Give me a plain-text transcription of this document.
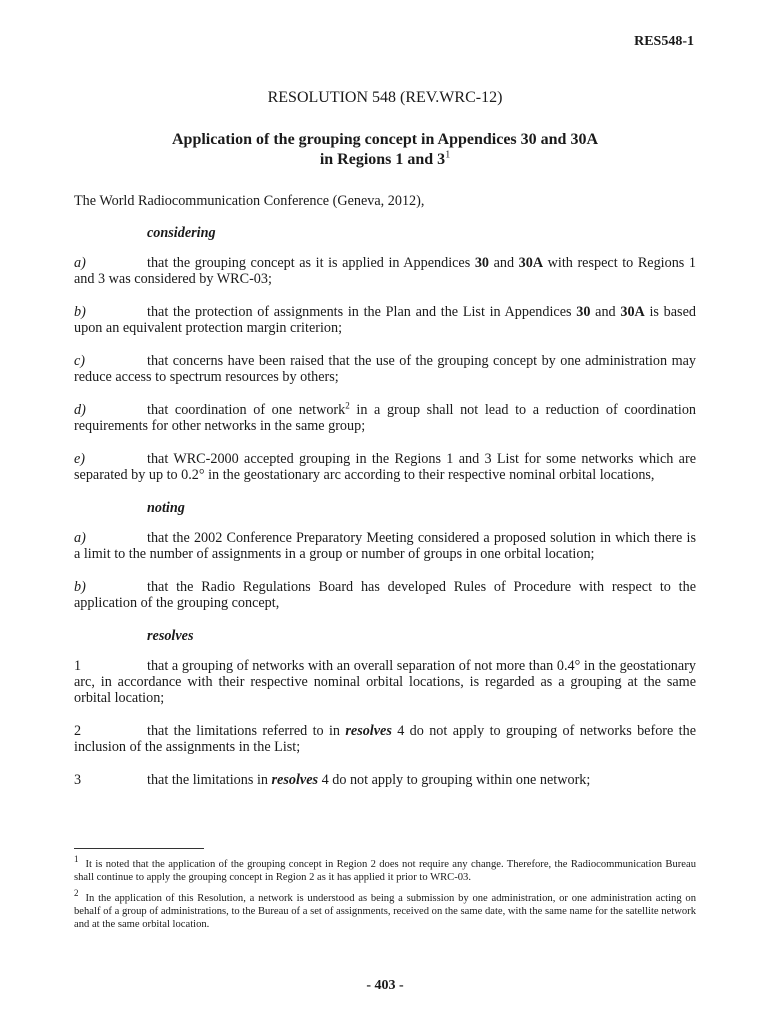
RES548-1
RESOLUTION 548 (REV.WRC-12)
Application of the grouping concept in Appendices 30 and 30A
in Regions 1 and $3^1$

The World Radiocommunication Conference (Geneva, 2012),

considering

a)	that the grouping concept as it is applied in Appendices 30 and 30A with respect to Regions 1 and 3 was considered by WRC-03;

b)	that the protection of assignments in the Plan and the List in Appendices 30 and 30A is based upon an equivalent protection margin criterion;

c)	that concerns have been raised that the use of the grouping concept by one administration may reduce access to spectrum resources by others;

d)	that coordination of one network$^2$ in a group shall not lead to a reduction of coordination requirements for other networks in the same group;

e)	that WRC-2000 accepted grouping in the Regions 1 and 3 List for some networks which are separated by up to 0.2° in the geostationary arc according to their respective nominal orbital locations,

noting

a)	that the 2002 Conference Preparatory Meeting considered a proposed solution in which there is a limit to the number of assignments in a group or number of groups in one orbital location;

b)	that the Radio Regulations Board has developed Rules of Procedure with respect to the application of the grouping concept,

resolves

1	that a grouping of networks with an overall separation of not more than 0.4° in the geostationary arc, in accordance with their respective nominal orbital locations, is regarded as a grouping at the same orbital location;

2	that the limitations referred to in resolves 4 do not apply to grouping of networks before the inclusion of the assignments in the List;

3	that the limitations in resolves 4 do not apply to grouping within one network;

$^1$ It is noted that the application of the grouping concept in Region 2 does not require any change. Therefore, the Radiocommunication Bureau shall continue to apply the grouping concept in Region 2 as it has applied it prior to WRC-03.

$^2$ In the application of this Resolution, a network is understood as being a submission by one administration, or one administration acting on behalf of a group of administrations, to the Bureau of a set of assignments, received on the same date, with the same name for the satellite network and at the same orbital location.

- 403 -
